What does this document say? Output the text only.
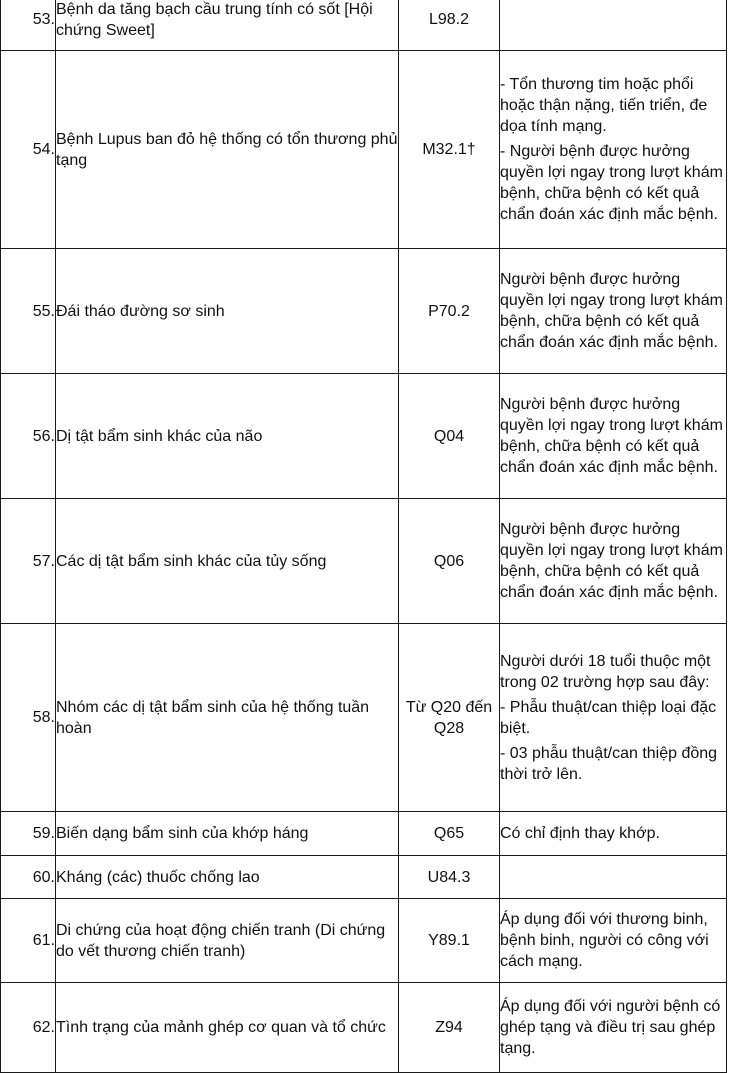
53.	Bệnh da tăng bạch cầu trung tính có sốt [Hội chứng Sweet]	L98.2	
54.	Bệnh Lupus ban đỏ hệ thống có tổn thương phủ tạng	M32.1†	- Tổn thương tim hoặc phổi hoặc thận nặng, tiến triển, đe dọa tính mạng.
- Người bệnh được hưởng quyền lợi ngay trong lượt khám bệnh, chữa bệnh có kết quả chẩn đoán xác định mắc bệnh.

55.	Đái tháo đường sơ sinh	P70.2	Người bệnh được hưởng quyền lợi ngay trong lượt khám bệnh, chữa bệnh có kết quả chẩn đoán xác định mắc bệnh.

56.	Dị tật bẩm sinh khác của não	Q04	Người bệnh được hưởng quyền lợi ngay trong lượt khám bệnh, chữa bệnh có kết quả chẩn đoán xác định mắc bệnh.

57.	Các dị tật bẩm sinh khác của tủy sống	Q06	Người bệnh được hưởng quyền lợi ngay trong lượt khám bệnh, chữa bệnh có kết quả chẩn đoán xác định mắc bệnh.

58.	Nhóm các dị tật bẩm sinh của hệ thống tuần hoàn	Từ Q20 đến Q28	Người dưới 18 tuổi thuộc một trong 02 trường hợp sau đây:
- Phẫu thuật/can thiệp loại đặc biệt.
- 03 phẫu thuật/can thiệp đồng thời trở lên.

59.	Biến dạng bẩm sinh của khớp háng	Q65	Có chỉ định thay khớp.

60.	Kháng (các) thuốc chống lao	U84.3	
61.	Di chứng của hoạt động chiến tranh (Di chứng do vết thương chiến tranh)	Y89.1	Áp dụng đối với thương binh, bệnh binh, người có công với cách mạng.

62.	Tình trạng của mảnh ghép cơ quan và tổ chức	Z94	Áp dụng đối với người bệnh có ghép tạng và điều trị sau ghép tạng.
